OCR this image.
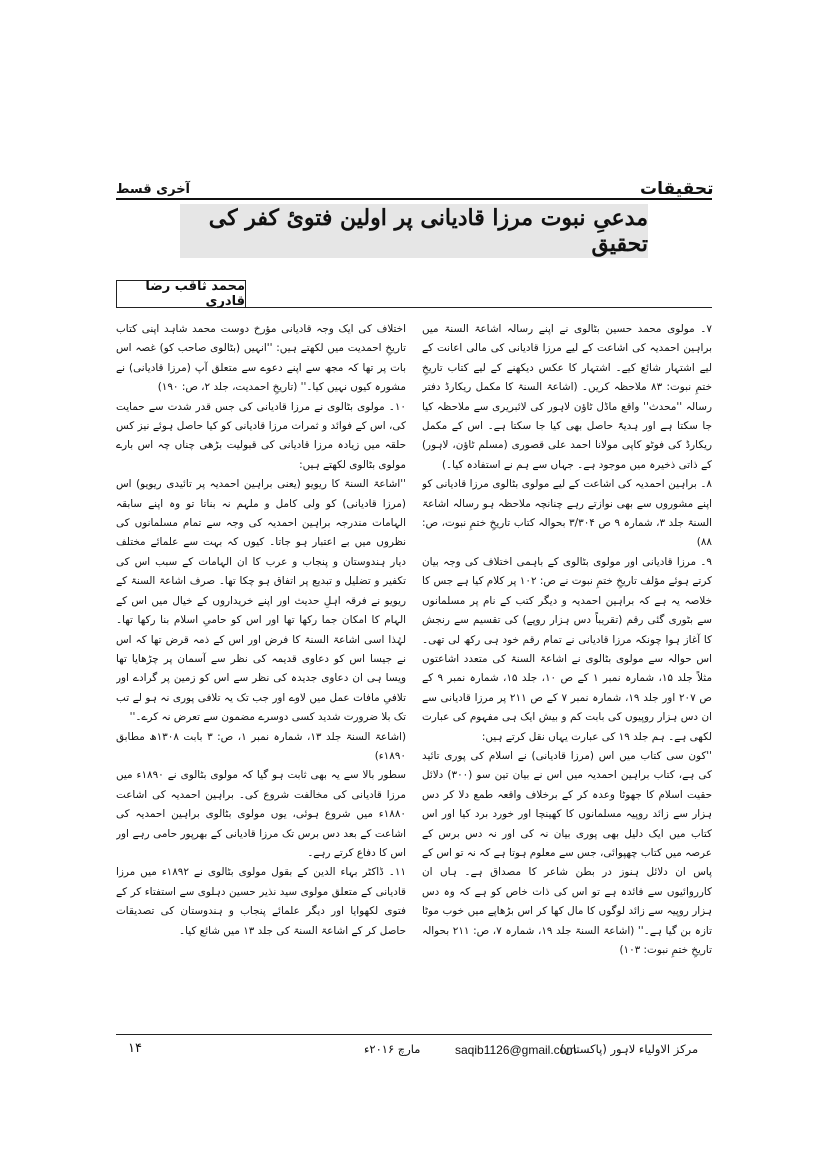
تحقیقات
آخری قسط
مدعیِ نبوت مرزا قادیانی پر اولین فتویٔ کفر کی تحقیق
محمد ثاقب رضا قادری

۷۔ مولوی محمد حسین بٹالوی نے اپنے رسالہ اشاعۃ السنۃ میں براہین احمدیہ کی اشاعت کے لیے مرزا قادیانی کی مالی اعانت کے لیے اشتہار شائع کیے۔ اشتہار کا عکس دیکھنے کے لیے کتاب تاریخِ ختمِ نبوت: ۸۳ ملاحظہ کریں۔ (اشاعۃ السنۃ کا مکمل ریکارڈ دفتر رسالہ ''محدث'' واقع ماڈل ٹاؤن لاہور کی لائبریری سے ملاحظہ کیا جا سکتا ہے اور ہدیۃً حاصل بھی کیا جا سکتا ہے۔ اس کے مکمل ریکارڈ کی فوٹو کاپی مولانا احمد علی قصوری (مسلم ٹاؤن، لاہور) کے ذاتی ذخیرہ میں موجود ہے۔ جہاں سے ہم نے استفادہ کیا۔)

۸۔ براہین احمدیہ کی اشاعت کے لیے مولوی بٹالوی مرزا قادیانی کو اپنے مشوروں سے بھی نوازتے رہے چنانچہ ملاحظہ ہو رسالہ اشاعۃ السنۃ جلد ۳، شمارہ ۹ ص ۳/۳۰۴ بحوالہ کتاب تاریخِ ختمِ نبوت، ص: ۸۸)

۹۔ مرزا قادیانی اور مولوی بٹالوی کے باہمی اختلاف کی وجہ بیان کرتے ہوئے مؤلف تاریخِ ختمِ نبوت نے ص: ۱۰۲ پر کلام کیا ہے جس کا خلاصہ یہ ہے کہ براہین احمدیہ و دیگر کتب کے نام پر مسلمانوں سے بٹوری گئی رقم (تقریباً دس ہزار روپے) کی تقسیم سے رنجش کا آغاز ہوا چونکہ مرزا قادیانی نے تمام رقم خود ہی رکھ لی تھی۔ اس حوالہ سے مولوی بٹالوی نے اشاعۃ السنۃ کی متعدد اشاعتوں مثلاً جلد ۱۵، شمارہ نمبر ۱ کے ص ۱۰، جلد ۱۵، شمارہ نمبر ۹ کے ص ۲۰۷ اور جلد ۱۹، شمارہ نمبر ۷ کے ص ۲۱۱ پر مرزا قادیانی سے ان دس ہزار روپیوں کی بابت کم و بیش ایک ہی مفہوم کی عبارت لکھی ہے۔ ہم جلد ۱۹ کی عبارت یہاں نقل کرتے ہیں:

''کون سی کتاب میں اس (مرزا قادیانی) نے اسلام کی پوری تائید کی ہے، کتاب براہین احمدیہ میں اس نے بیان تین سو (۳۰۰) دلائل حقیت اسلام کا جھوٹا وعدہ کر کے برخلاف واقعہ طمع دلا کر دس ہزار سے زائد روپیہ مسلمانوں کا کھینچا اور خورد برد کیا اور اس کتاب میں ایک دلیل بھی پوری بیان نہ کی اور نہ دس برس کے عرصہ میں کتاب چھپوائی، جس سے معلوم ہوتا ہے کہ نہ تو اس کے پاس ان دلائل ہنوز در بطن شاعر کا مصداق ہے۔ ہاں ان کارروائیوں سے فائدہ ہے تو اس کی ذات خاص کو ہے کہ وہ دس ہزار روپیہ سے زائد لوگوں کا مال کھا کر اس بڑھاپے میں خوب موٹا تازہ بن گیا ہے۔'' (اشاعۃ السنۃ جلد ۱۹، شمارہ ۷، ص: ۲۱۱ بحوالہ تاریخِ ختمِ نبوت: ۱۰۳)

اختلاف کی ایک وجہ قادیانی مؤرخ دوست محمد شاہد اپنی کتاب تاریخِ احمدیت میں لکھتے ہیں: ''انہیں (بٹالوی صاحب کو) غصہ اس بات پر تھا کہ مجھ سے اپنے دعوے سے متعلق آپ (مرزا قادیانی) نے مشورہ کیوں نہیں کیا۔'' (تاریخِ احمدیت، جلد ۲، ص: ۱۹۰)

۱۰۔ مولوی بٹالوی نے مرزا قادیانی کی جس قدر شدت سے حمایت کی، اس کے فوائد و ثمرات مرزا قادیانی کو کیا حاصل ہوئے نیز کس حلقہ میں زیادہ مرزا قادیانی کی قبولیت بڑھی چناں چہ اس بارے مولوی بٹالوی لکھتے ہیں:

''اشاعۃ السنۃ کا ریویو (یعنی براہین احمدیہ پر تائیدی ریویو) اس (مرزا قادیانی) کو ولی کامل و ملہم نہ بناتا تو وہ اپنے سابقہ الہامات مندرجہ براہین احمدیہ کی وجہ سے تمام مسلمانوں کی نظروں میں بے اعتبار ہو جاتا۔ کیوں کہ بہت سے علمائے مختلف دیار ہندوستان و پنجاب و عرب کا ان الہامات کے سبب اس کی تکفیر و تضلیل و تبدیع پر اتفاق ہو چکا تھا۔ صرف اشاعۃ السنۃ کے ریویو نے فرقہ اہلِ حدیث اور اپنے خریداروں کے خیال میں اس کے الہام کا امکان جما رکھا تھا اور اس کو حامیِ اسلام بنا رکھا تھا۔ لہٰذا اسی اشاعۃ السنۃ کا فرض اور اس کے ذمہ قرض تھا کہ اس نے جیسا اس کو دعاوی قدیمہ کی نظر سے آسمان پر چڑھایا تھا ویسا ہی ان دعاوی جدیدہ کی نظر سے اس کو زمین پر گرادے اور تلافیِ مافات عمل میں لاوے اور جب تک یہ تلافی پوری نہ ہو لے تب تک بلا ضرورت شدید کسی دوسرے مضمون سے تعرض نہ کرے۔''

(اشاعۃ السنۃ جلد ۱۳، شمارہ نمبر ۱، ص: ۳ بابت ۱۳۰۸ھ مطابق ۱۸۹۰ء)

سطور بالا سے یہ بھی ثابت ہو گیا کہ مولوی بٹالوی نے ۱۸۹۰ء میں مرزا قادیانی کی مخالفت شروع کی۔ براہین احمدیہ کی اشاعت ۱۸۸۰ء میں شروع ہوئی، یوں مولوی بٹالوی براہین احمدیہ کی اشاعت کے بعد دس برس تک مرزا قادیانی کے بھرپور حامی رہے اور اس کا دفاع کرتے رہے۔

۱۱۔ ڈاکٹر بہاء الدین کے بقول مولوی بٹالوی نے ۱۸۹۲ء میں مرزا قادیانی کے متعلق مولوی سید نذیر حسین دہلوی سے استفتاء کر کے فتوی لکھوایا اور دیگر علمائے پنجاب و ہندوستان کی تصدیقات حاصل کر کے اشاعۃ السنۃ کی جلد ۱۳ میں شائع کیا۔

مرکز الاولیاء لاہور (پاکستان)
saqib1126@gmail.com
مارچ ۲۰۱۶ء
۱۴
